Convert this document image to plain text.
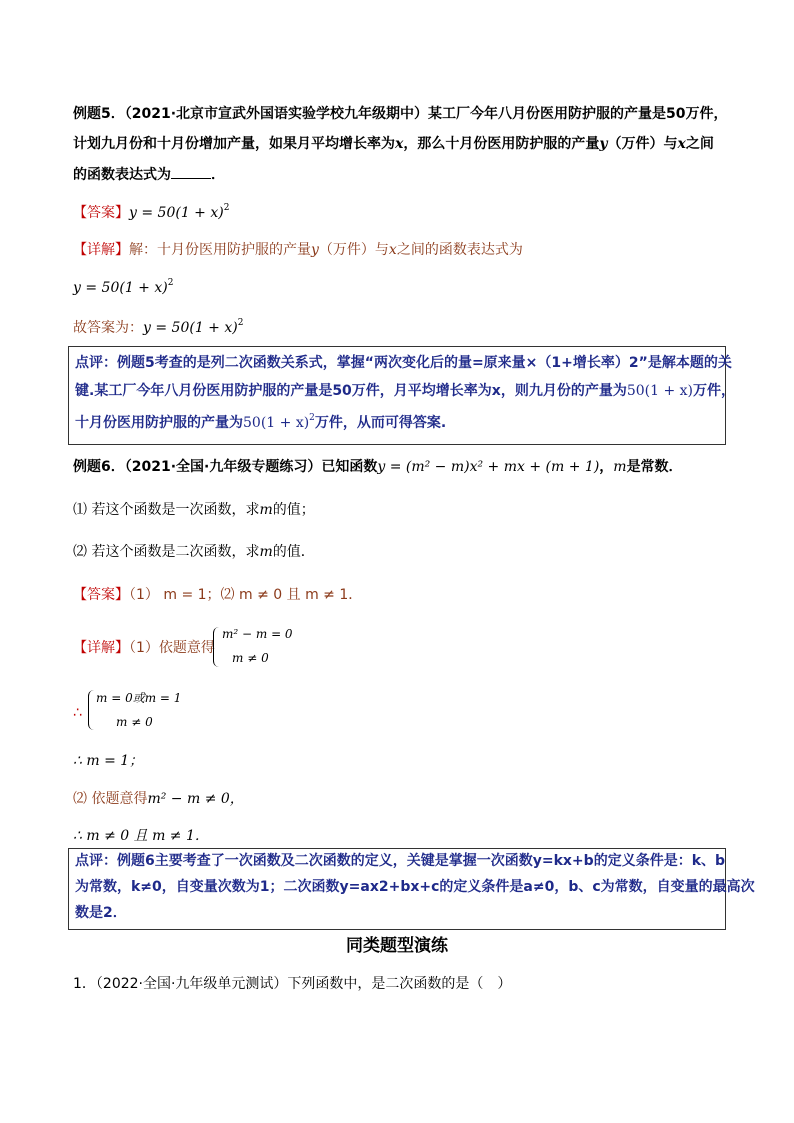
例题5．（2021·北京市宣武外国语实验学校九年级期中）某工厂今年八月份医用防护服的产量是50万件，
计划九月份和十月份增加产量，如果月平均增长率为x，那么十月份医用防护服的产量y（万件）与x之间
的函数表达式为	．
【答案】$y = 50(1 + x)^2$
【详解】解：十月份医用防护服的产量y（万件）与x之间的函数表达式为
$y = 50(1 + x)^2$
故答案为：$y = 50(1 + x)^2$
点评：例题5考查的是列二次函数关系式，掌握“两次变化后的量=原来量×（1+增长率）2”是解本题的关
键.某工厂今年八月份医用防护服的产量是50万件，月平均增长率为x，则九月份的产量为50(1 + x)万件，
十月份医用防护服的产量为$50(1 + x)^2$万件，从而可得答案.
例题6．（2021·全国·九年级专题练习）已知函数y = (m² − m)x² + mx + (m + 1)，m是常数．
⑴ 若这个函数是一次函数，求m的值；
⑵ 若这个函数是二次函数，求m的值．
【答案】（1） m = 1；⑵ m ≠ 0 且 m ≠ 1．
【详解】（1）依题意得
m² − m = 0
m ≠ 0
∴
m = 0或m = 1
m ≠ 0
∴ m = 1；
⑵ 依题意得m² − m ≠ 0，
∴ m ≠ 0 且 m ≠ 1．
点评：例题6主要考查了一次函数及二次函数的定义，关键是掌握一次函数y=kx+b的定义条件是：k、b
为常数，k≠0，自变量次数为1；二次函数y=ax2+bx+c的定义条件是a≠0，b、c为常数，自变量的最高次
数是2．
同类题型演练
1．（2022·全国·九年级单元测试）下列函数中，是二次函数的是（　）
